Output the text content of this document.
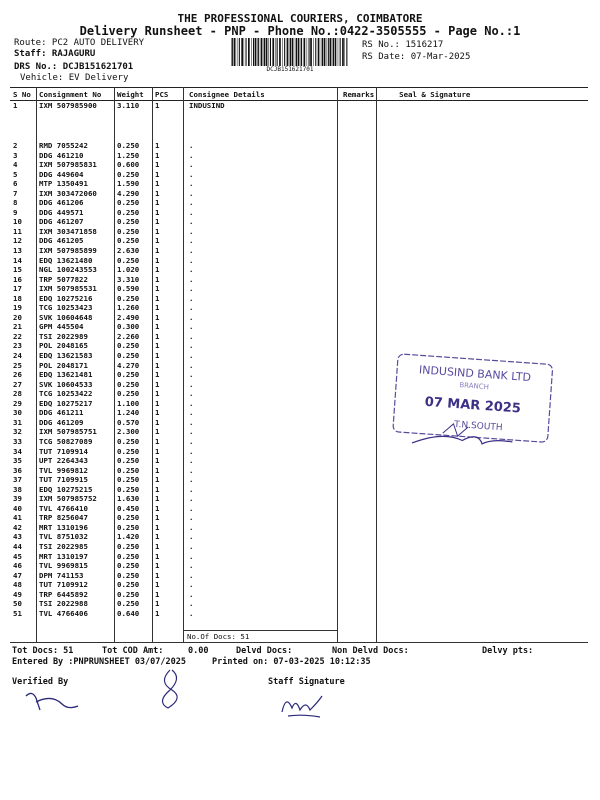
THE PROFESSIONAL COURIERS, COIMBATORE
Delivery Runsheet - PNP - Phone No.:0422-3505555 - Page No.:1
Route: PC2 AUTO DELIVERY
Staff: RAJAGURU
DRS No.: DCJB151621701
Vehicle: EV Delivery
RS No.: 1516217
RS Date: 07-Mar-2025
DCJB151621701
S No	Consignment No	Weight	PCS	Consignee Details	Remarks	Seal & Signature
1	IXM 507985900	3.110	1	INDUSIND		
2	RMD 7055242	0.250	1	.		
3	DDG 461210	1.250	1	.		
4	IXM 507985831	0.600	1	.		
5	DDG 449604	0.250	1	.		
6	MTP 1350491	1.590	1	.		
7	IXM 303472060	4.290	1	.		
8	DDG 461206	0.250	1	.		
9	DDG 449571	0.250	1	.		
10	DDG 461207	0.250	1	.		
11	IXM 303471858	0.250	1	.		
12	DDG 461205	0.250	1	.		
13	IXM 507985899	2.630	1	.		
14	EDQ 13621480	0.250	1	.		
15	NGL 100243553	1.020	1	.		
16	TRP 5077822	3.310	1	.		
17	IXM 507985531	0.590	1	.		
18	EDQ 10275216	0.250	1	.		
19	TCG 10253423	1.260	1	.		
20	SVK 10604648	2.490	1	.		
21	GPM 445504	0.300	1	.		
22	TSI 2022989	2.260	1	.		
23	POL 2048165	0.250	1	.		
24	EDQ 13621583	0.250	1	.		
25	POL 2048171	4.270	1	.		
26	EDQ 13621481	0.250	1	.		
27	SVK 10604533	0.250	1	.		
28	TCG 10253422	0.250	1	.		
29	EDQ 10275217	1.100	1	.		
30	DDG 461211	1.240	1	.		
31	DDG 461209	0.570	1	.		
32	IXM 507985751	2.300	1	.		
33	TCG 50827089	0.250	1	.		
34	TUT 7109914	0.250	1	.		
35	UPT 2264343	0.250	1	.		
36	TVL 9969812	0.250	1	.		
37	TUT 7109915	0.250	1	.		
38	EDQ 10275215	0.250	1	.		
39	IXM 507985752	1.630	1	.		
40	TVL 4766410	0.450	1	.		
41	TRP 8256047	0.250	1	.		
42	MRT 1310196	0.250	1	.		
43	TVL 8751032	1.420	1	.		
44	TSI 2022985	0.250	1	.		
45	MRT 1310197	0.250	1	.		
46	TVL 9969815	0.250	1	.		
47	DPM 741153	0.250	1	.		
48	TUT 7109912	0.250	1	.		
49	TRP 6445892	0.250	1	.		
50	TSI 2022988	0.250	1	.		
51	TVL 4766406	0.640	1	.		
No.Of Docs: 51
INDUSIND BANK LTD
BRANCH
07 MAR 2025
T.N.SOUTH
Tot Docs: 51	Tot COD Amt:	0.00	Delvd Docs:	Non Delvd Docs:	Delvy pts:
Entered By :PNPRUNSHEET 03/07/2025	Printed on: 07-03-2025 10:12:35
Verified By	Staff Signature
